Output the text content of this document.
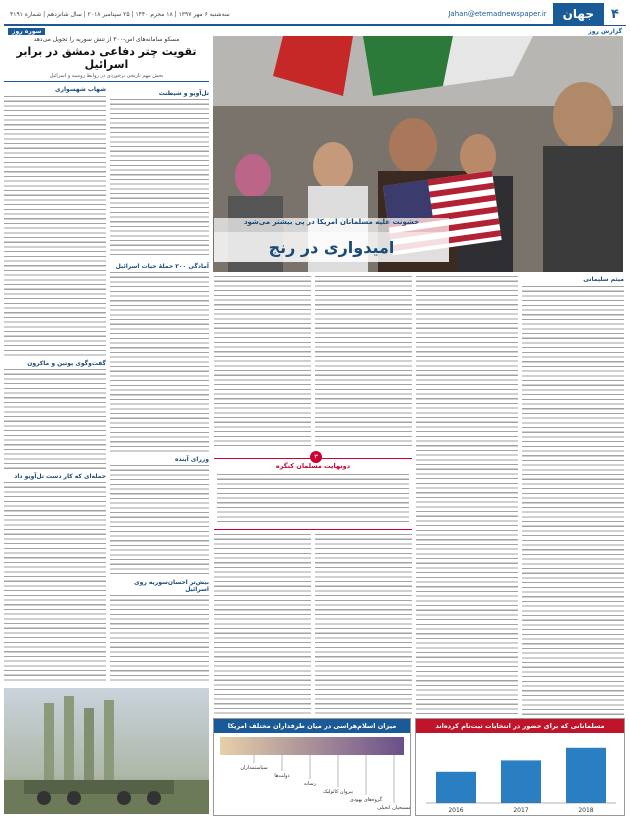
۴
جهان
Jahan@etemadnewspaper.ir
سه‌شنبه ۶ مهر ۱۳۹۷ | ۱۸ محرم ۱۴۴۰ | ۲۵ سپتامبر ۲۰۱۸ | سال شانزدهم | شماره ۴۱۹۱
گزارش روز
سوره روز
خشونت علیه مسلمانان امریکا در پی بیشتر می‌شود
امیدواری در رنج
میثم سلیمانی
۳
دونهایت مسلمان کنگره
مسکو سامانه‌های اس-۳۰۰ از تنش سوریه را تحویل می‌دهد
تقویت چتر دفاعی دمشق در برابر اسرائیل
بخش مهم تاریخی برخوردی در روابط روسیه و اسرائیل
تل‌آویو و شیطنت
آمادگی ۲۰۰ حملهٔ حیات اسرائیل
وزرای آینده
بیش‌تر احسان‌سوریه روی اسرائیل
شهاب شهسواری
گفت‌وگوی پوتین و ماکرون
حمله‌ای که کار دست تل‌آویو داد
میزان اسلام‌هراسی در میان طرفداران مختلف امریکا
سیاستمداران
دولت‌ها
رسانه
پیروان کاتولیک
گروه‌های یهودی
مسیحیان انجیلی
مسلمانانی که برای حضور در انتخابات ثبت‌نام کرده‌اند
2016	2017	2018
